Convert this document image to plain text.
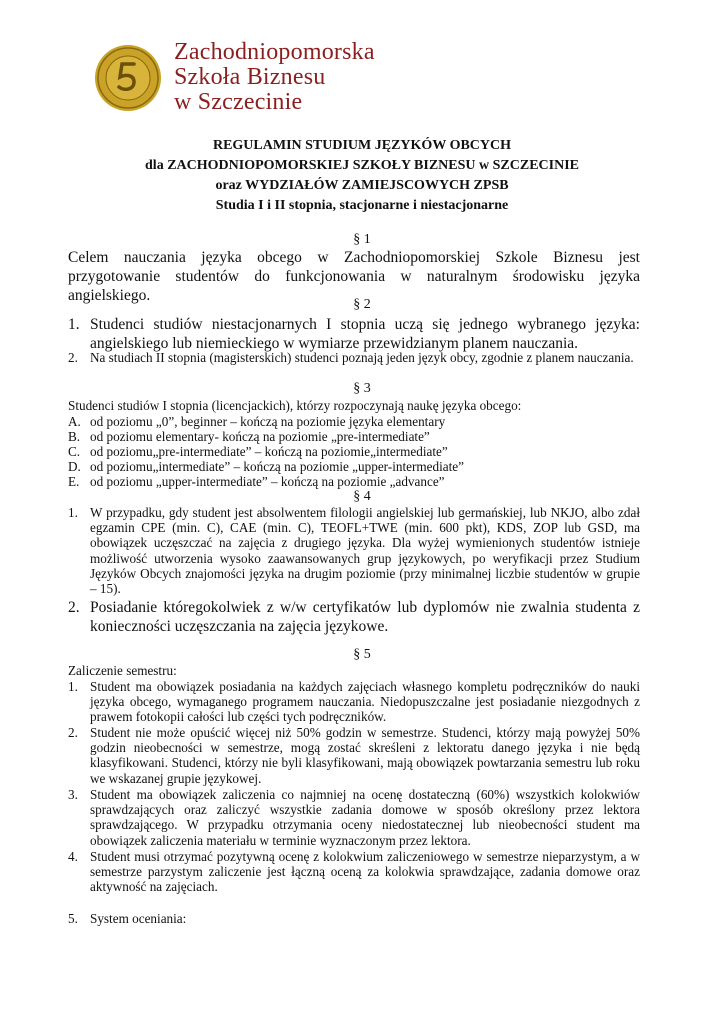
Zachodniopomorska
Szkoła Biznesu
w Szczecinie
REGULAMIN STUDIUM JĘZYKÓW OBCYCH
dla ZACHODNIOPOMORSKIEJ SZKOŁY BIZNESU w SZCZECINIE
oraz WYDZIAŁÓW ZAMIEJSCOWYCH ZPSB
Studia I i II stopnia, stacjonarne i niestacjonarne
§ 1
Celem nauczania języka obcego w Zachodniopomorskiej Szkole Biznesu jest przygotowanie studentów do funkcjonowania w naturalnym środowisku języka angielskiego.
§ 2
1. Studenci studiów niestacjonarnych I stopnia uczą się jednego wybranego języka: angielskiego lub niemieckiego w wymiarze przewidzianym planem nauczania.
2. Na studiach II stopnia (magisterskich) studenci poznają jeden język obcy, zgodnie z planem nauczania.
§ 3
Studenci studiów I stopnia (licencjackich), którzy rozpoczynają naukę języka obcego:
A. od poziomu „0”, beginner – kończą na poziomie języka elementary
B. od poziomu elementary- kończą na poziomie „pre-intermediate”
C. od poziomu„pre-intermediate” – kończą na poziomie„intermediate”
D. od poziomu„intermediate” – kończą na poziomie „upper-intermediate”
E. od poziomu „upper-intermediate” – kończą na poziomie „advance”
§ 4
1. W przypadku, gdy student jest absolwentem filologii angielskiej lub germańskiej, lub NKJO, albo zdał egzamin CPE (min. C), CAE (min. C), TEOFL+TWE (min. 600 pkt), KDS, ZOP lub GSD, ma obowiązek uczęszczać na zajęcia z drugiego języka. Dla wyżej wymienionych studentów istnieje możliwość utworzenia wysoko zaawansowanych grup językowych, po weryfikacji przez Studium Języków Obcych znajomości języka na drugim poziomie (przy minimalnej liczbie studentów w grupie – 15).
2. Posiadanie któregokolwiek z w/w certyfikatów lub dyplomów nie zwalnia studenta z konieczności uczęszczania na zajęcia językowe.
§ 5
Zaliczenie semestru:
1. Student ma obowiązek posiadania na każdych zajęciach własnego kompletu podręczników do nauki języka obcego, wymaganego programem nauczania. Niedopuszczalne jest posiadanie niezgodnych z prawem fotokopii całości lub części tych podręczników.
2. Student nie może opuścić więcej niż 50% godzin w semestrze. Studenci, którzy mają powyżej 50% godzin nieobecności w semestrze, mogą zostać skreśleni z lektoratu danego języka i nie będą klasyfikowani. Studenci, którzy nie byli klasyfikowani, mają obowiązek powtarzania semestru lub roku we wskazanej grupie językowej.
3. Student ma obowiązek zaliczenia co najmniej na ocenę dostateczną (60%) wszystkich kolokwiów sprawdzających oraz zaliczyć wszystkie zadania domowe w sposób określony przez lektora sprawdzającego. W przypadku otrzymania oceny niedostatecznej lub nieobecności student ma obowiązek zaliczenia materiału w terminie wyznaczonym przez lektora.
4. Student musi otrzymać pozytywną ocenę z kolokwium zaliczeniowego w semestrze nieparzystym, a w semestrze parzystym zaliczenie jest łączną oceną za kolokwia sprawdzające, zadania domowe oraz aktywność na zajęciach.
5. System oceniania:
